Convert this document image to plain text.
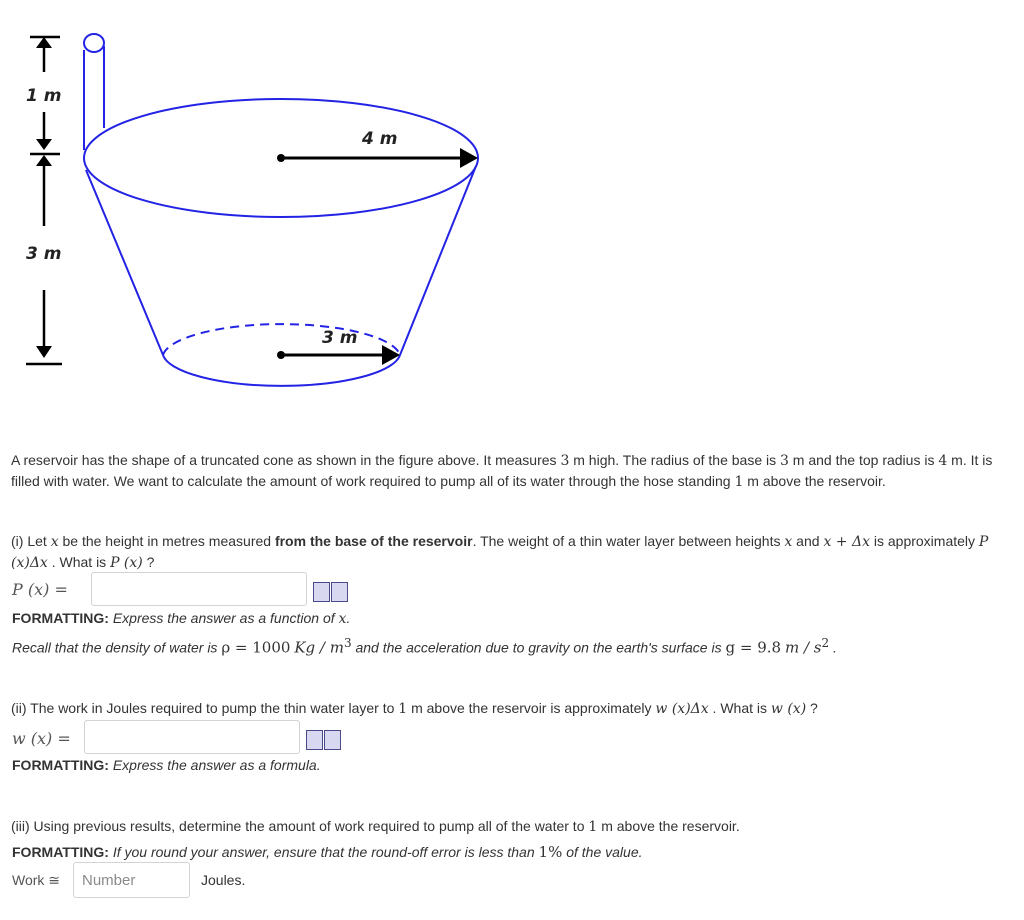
1 m
3 m
4 m
3 m
A reservoir has the shape of a truncated cone as shown in the figure above. It measures 3 m high. The radius of the base is 3 m and the top radius is 4 m. It is filled with water. We want to calculate the amount of work required to pump all of its water through the hose standing 1 m above the reservoir.
(i) Let x be the height in metres measured from the base of the reservoir. The weight of a thin water layer between heights x and x + Δx is approximately P (x)Δx . What is P (x) ?
P (x) =
FORMATTING: Express the answer as a function of x.
Recall that the density of water is ρ = 1000 Kg / $m^3$ and the acceleration due to gravity on the earth's surface is g = 9.8 m / $s^2$ .
(ii) The work in Joules required to pump the thin water layer to 1 m above the reservoir is approximately w (x)Δx . What is w (x) ?
w (x) =
FORMATTING: Express the answer as a formula.
(iii) Using previous results, determine the amount of work required to pump all of the water to 1 m above the reservoir.
FORMATTING: If you round your answer, ensure that the round-off error is less than 1% of the value.
Work ≅
Number	Joules.
